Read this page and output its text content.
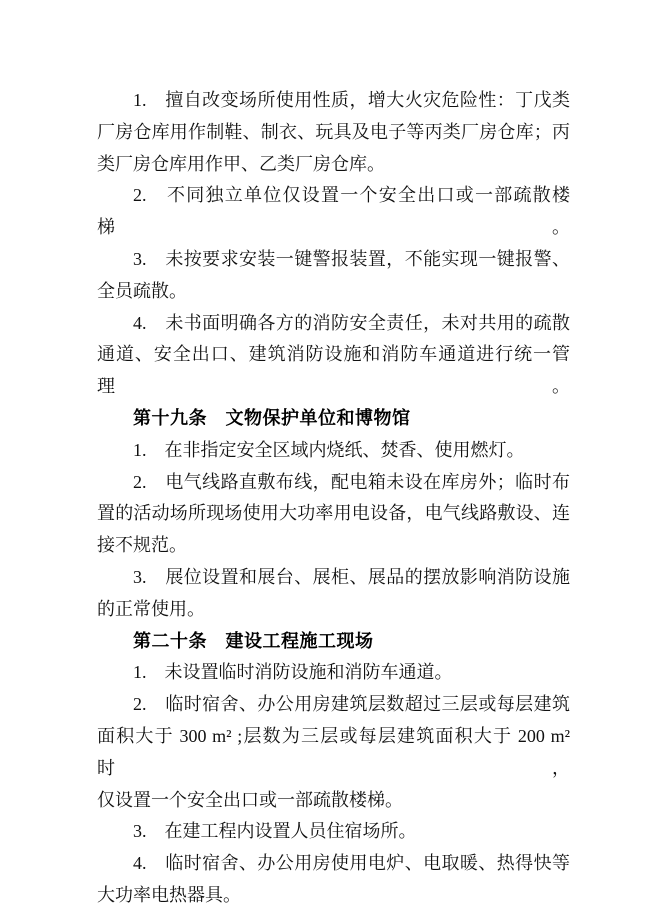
1.　擅自改变场所使用性质，增大火灾危险性：丁戊类
厂房仓库用作制鞋、制衣、玩具及电子等丙类厂房仓库；丙
类厂房仓库用作甲、乙类厂房仓库。
2.　不同独立单位仅设置一个安全出口或一部疏散楼梯。
3.　未按要求安装一键警报装置，不能实现一键报警、
全员疏散。
4.　未书面明确各方的消防安全责任，未对共用的疏散
通道、安全出口、建筑消防设施和消防车通道进行统一管理。
第十九条　文物保护单位和博物馆
1.　在非指定安全区域内烧纸、焚香、使用燃灯。
2.　电气线路直敷布线，配电箱未设在库房外；临时布
置的活动场所现场使用大功率用电设备，电气线路敷设、连
接不规范。
3.　展位设置和展台、展柜、展品的摆放影响消防设施
的正常使用。
第二十条　建设工程施工现场
1.　未设置临时消防设施和消防车通道。
2.　临时宿舍、办公用房建筑层数超过三层或每层建筑
面积大于 300 m² ;层数为三层或每层建筑面积大于 200 m²时，
仅设置一个安全出口或一部疏散楼梯。
3.　在建工程内设置人员住宿场所。
4.　临时宿舍、办公用房使用电炉、电取暖、热得快等
大功率电热器具。
